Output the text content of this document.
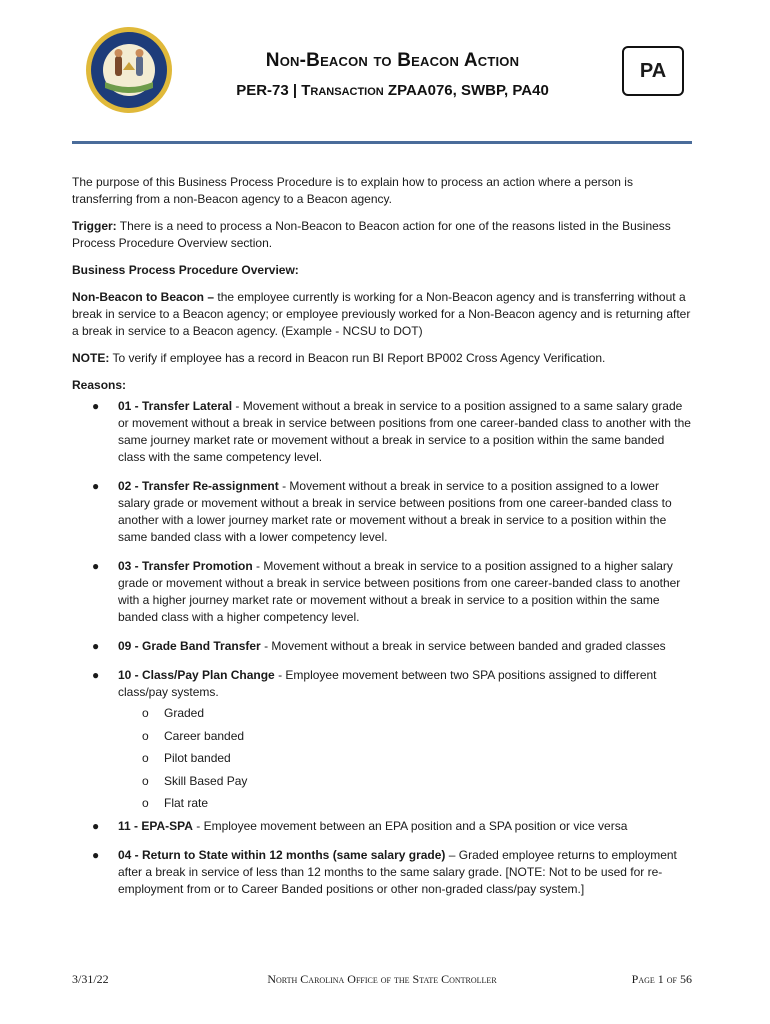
Non-Beacon to Beacon Action
PER-73 | Transaction ZPAA076, SWBP, PA40
PA

The purpose of this Business Process Procedure is to explain how to process an action where a person is transferring from a non-Beacon agency to a Beacon agency.

Trigger: There is a need to process a Non-Beacon to Beacon action for one of the reasons listed in the Business Process Procedure Overview section.

Business Process Procedure Overview:

Non-Beacon to Beacon – the employee currently is working for a Non-Beacon agency and is transferring without a break in service to a Beacon agency; or employee previously worked for a Non-Beacon agency and is returning after a break in service to a Beacon agency. (Example - NCSU to DOT)

NOTE: To verify if employee has a record in Beacon run BI Report BP002 Cross Agency Verification.

Reasons:

● 01 - Transfer Lateral - Movement without a break in service to a position assigned to a same salary grade or movement without a break in service between positions from one career-banded class to another with the same journey market rate or movement without a break in service to a position within the same banded class with the same competency level.
● 02 - Transfer Re-assignment - Movement without a break in service to a position assigned to a lower salary grade or movement without a break in service between positions from one career-banded class to another with a lower journey market rate or movement without a break in service to a position within the same banded class with a lower competency level.
● 03 - Transfer Promotion - Movement without a break in service to a position assigned to a higher salary grade or movement without a break in service between positions from one career-banded class to another with a higher journey market rate or movement without a break in service to a position within the same banded class with a higher competency level.
● 09 - Grade Band Transfer - Movement without a break in service between banded and graded classes
● 10 - Class/Pay Plan Change - Employee movement between two SPA positions assigned to different class/pay systems.
o Graded
o Career banded
o Pilot banded
o Skill Based Pay
o Flat rate
● 11 - EPA-SPA - Employee movement between an EPA position and a SPA position or vice versa
● 04 - Return to State within 12 months (same salary grade) – Graded employee returns to employment after a break in service of less than 12 months to the same salary grade. [NOTE: Not to be used for re-employment from or to Career Banded positions or other non-graded class/pay system.]
3/31/22	North Carolina Office of the State Controller	Page 1 of 56
